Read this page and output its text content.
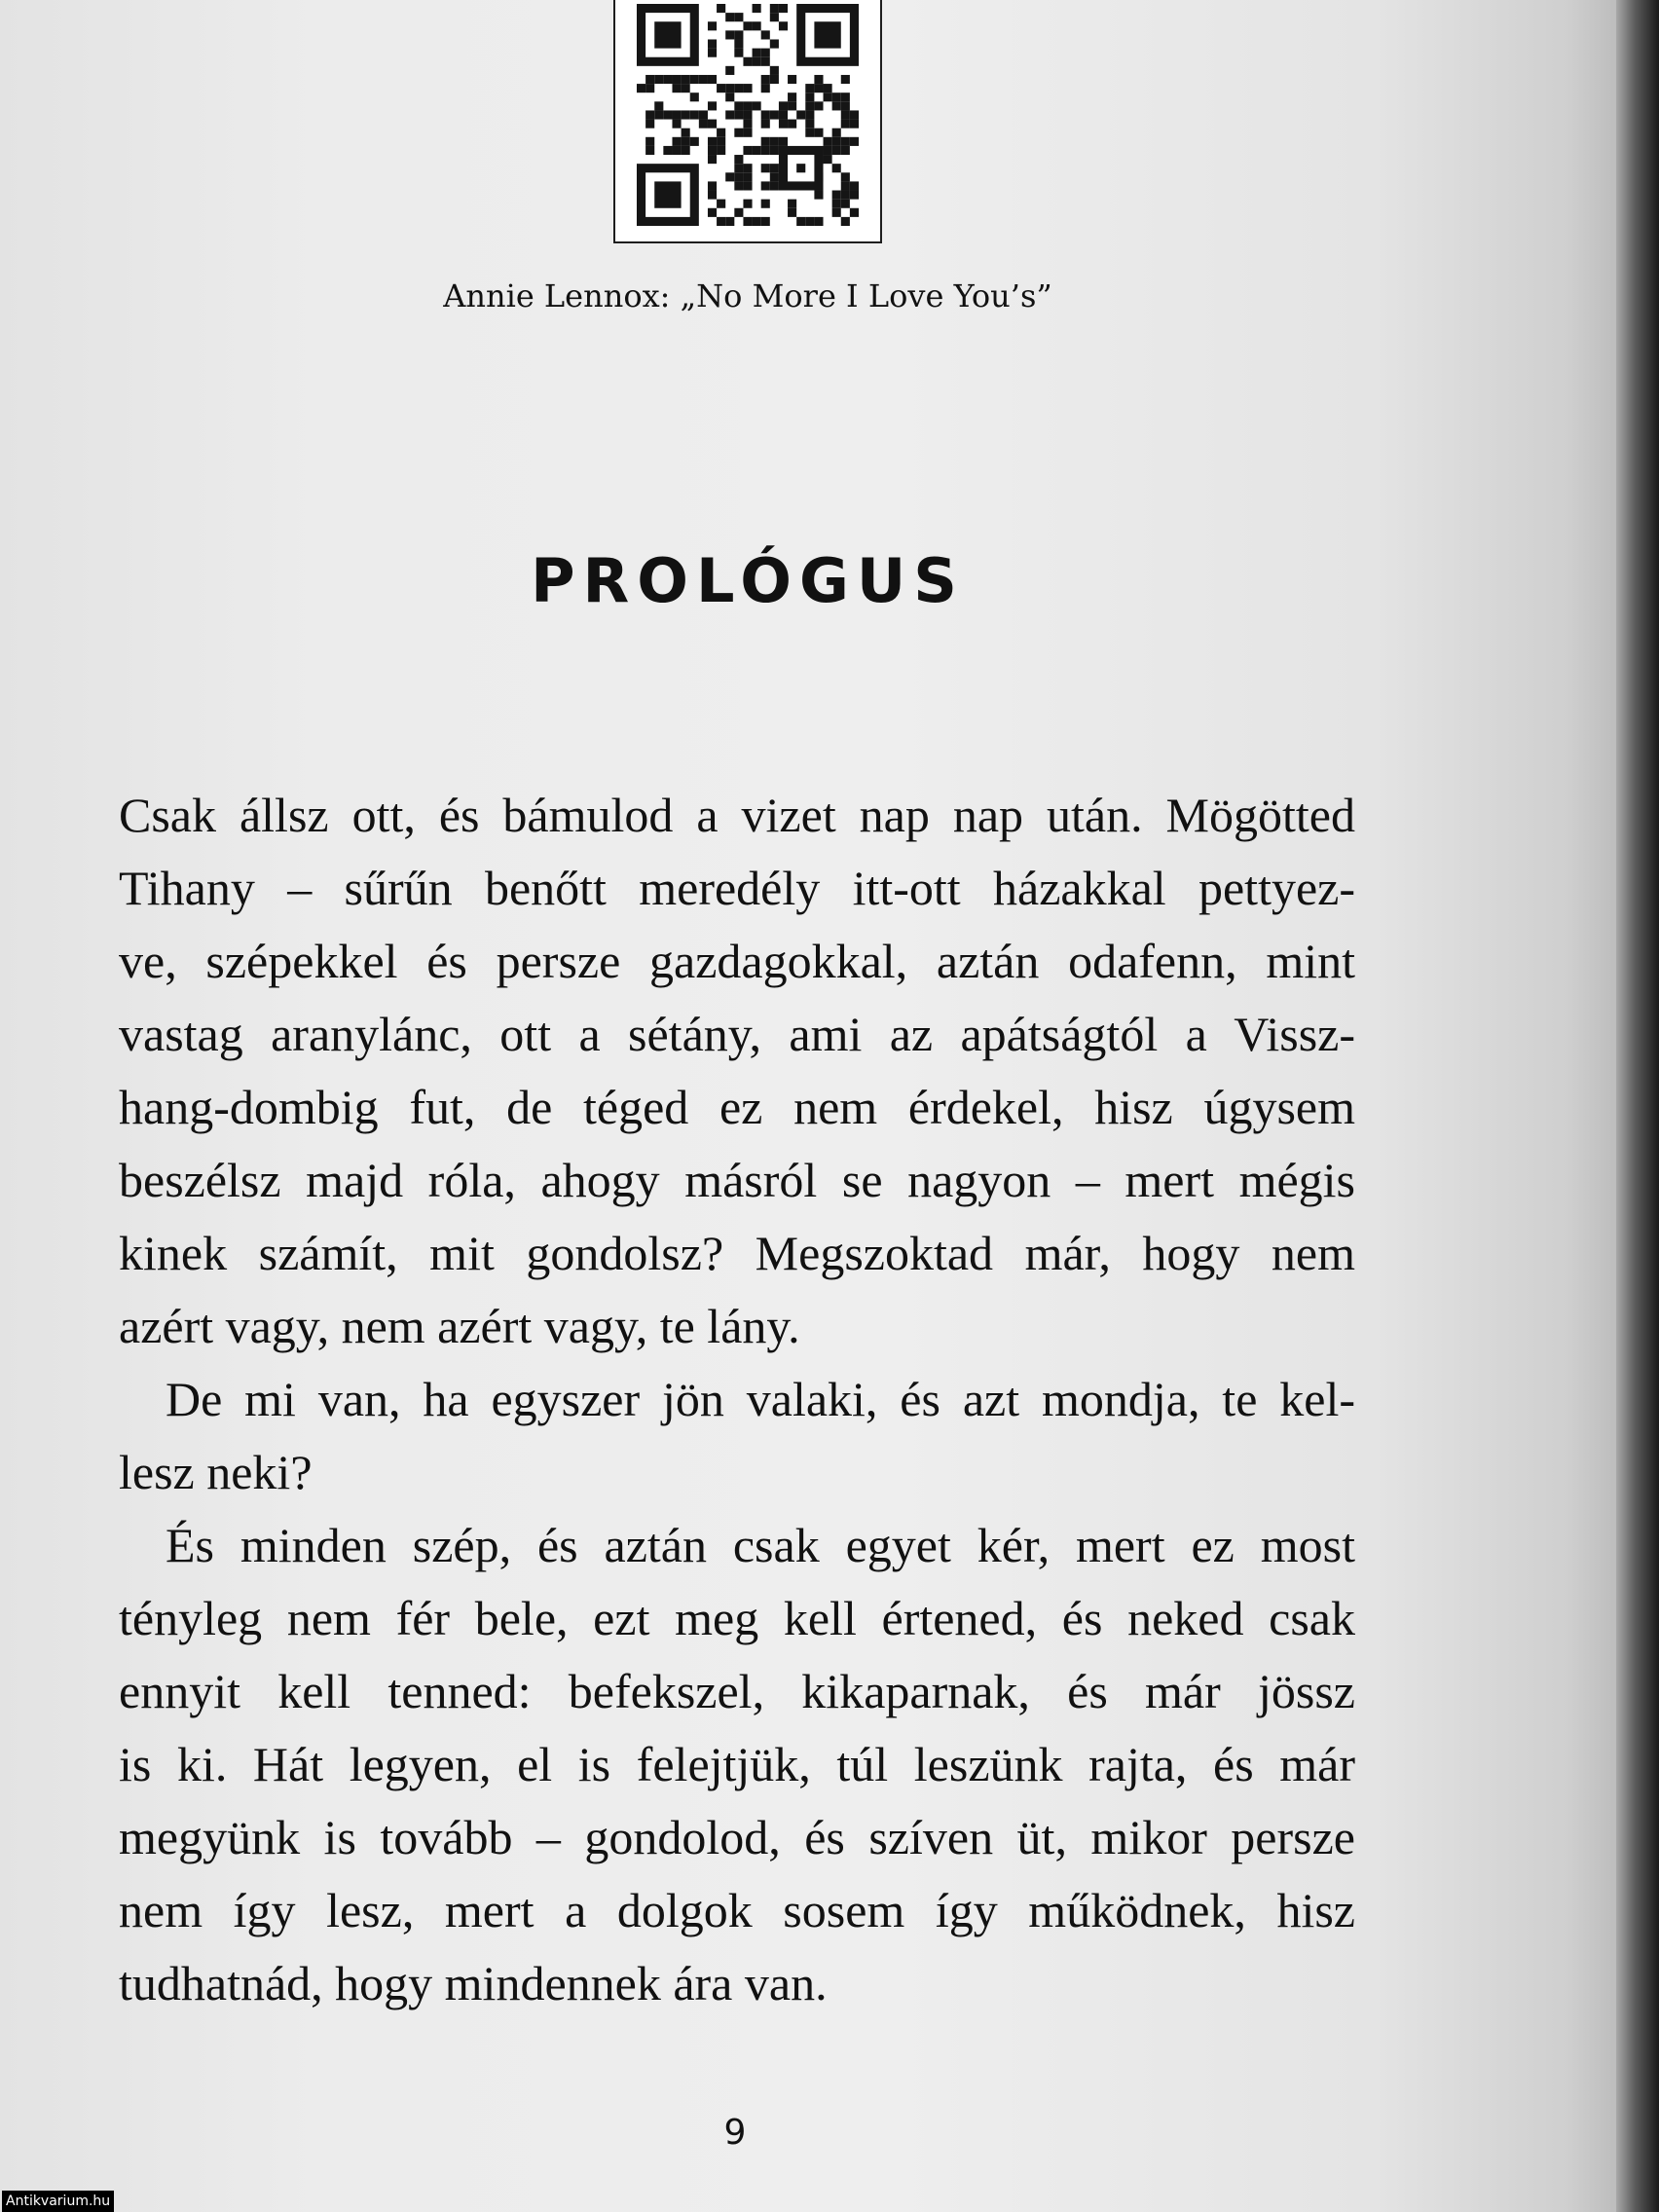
Annie Lennox: „No More I Love You’s”
PROLÓGUS

Csak állsz ott, és bámulod a vizet nap nap után. Mögötted
Tihany – sűrűn benőtt meredély itt-ott házakkal pettyez-
ve, szépekkel és persze gazdagokkal, aztán odafenn, mint
vastag aranylánc, ott a sétány, ami az apátságtól a Vissz-
hang-dombig fut, de téged ez nem érdekel, hisz úgysem
beszélsz majd róla, ahogy másról se nagyon – mert mégis
kinek számít, mit gondolsz? Megszoktad már, hogy nem
azért vagy, nem azért vagy, te lány.

De mi van, ha egyszer jön valaki, és azt mondja, te kel-
lesz neki?

És minden szép, és aztán csak egyet kér, mert ez most
tényleg nem fér bele, ezt meg kell értened, és neked csak
ennyit kell tenned: befekszel, kikaparnak, és már jössz
is ki. Hát legyen, el is felejtjük, túl leszünk rajta, és már
megyünk is tovább – gondolod, és szíven üt, mikor persze
nem így lesz, mert a dolgok sosem így működnek, hisz
tudhatnád, hogy mindennek ára van.

9
Antikvarium.hu
